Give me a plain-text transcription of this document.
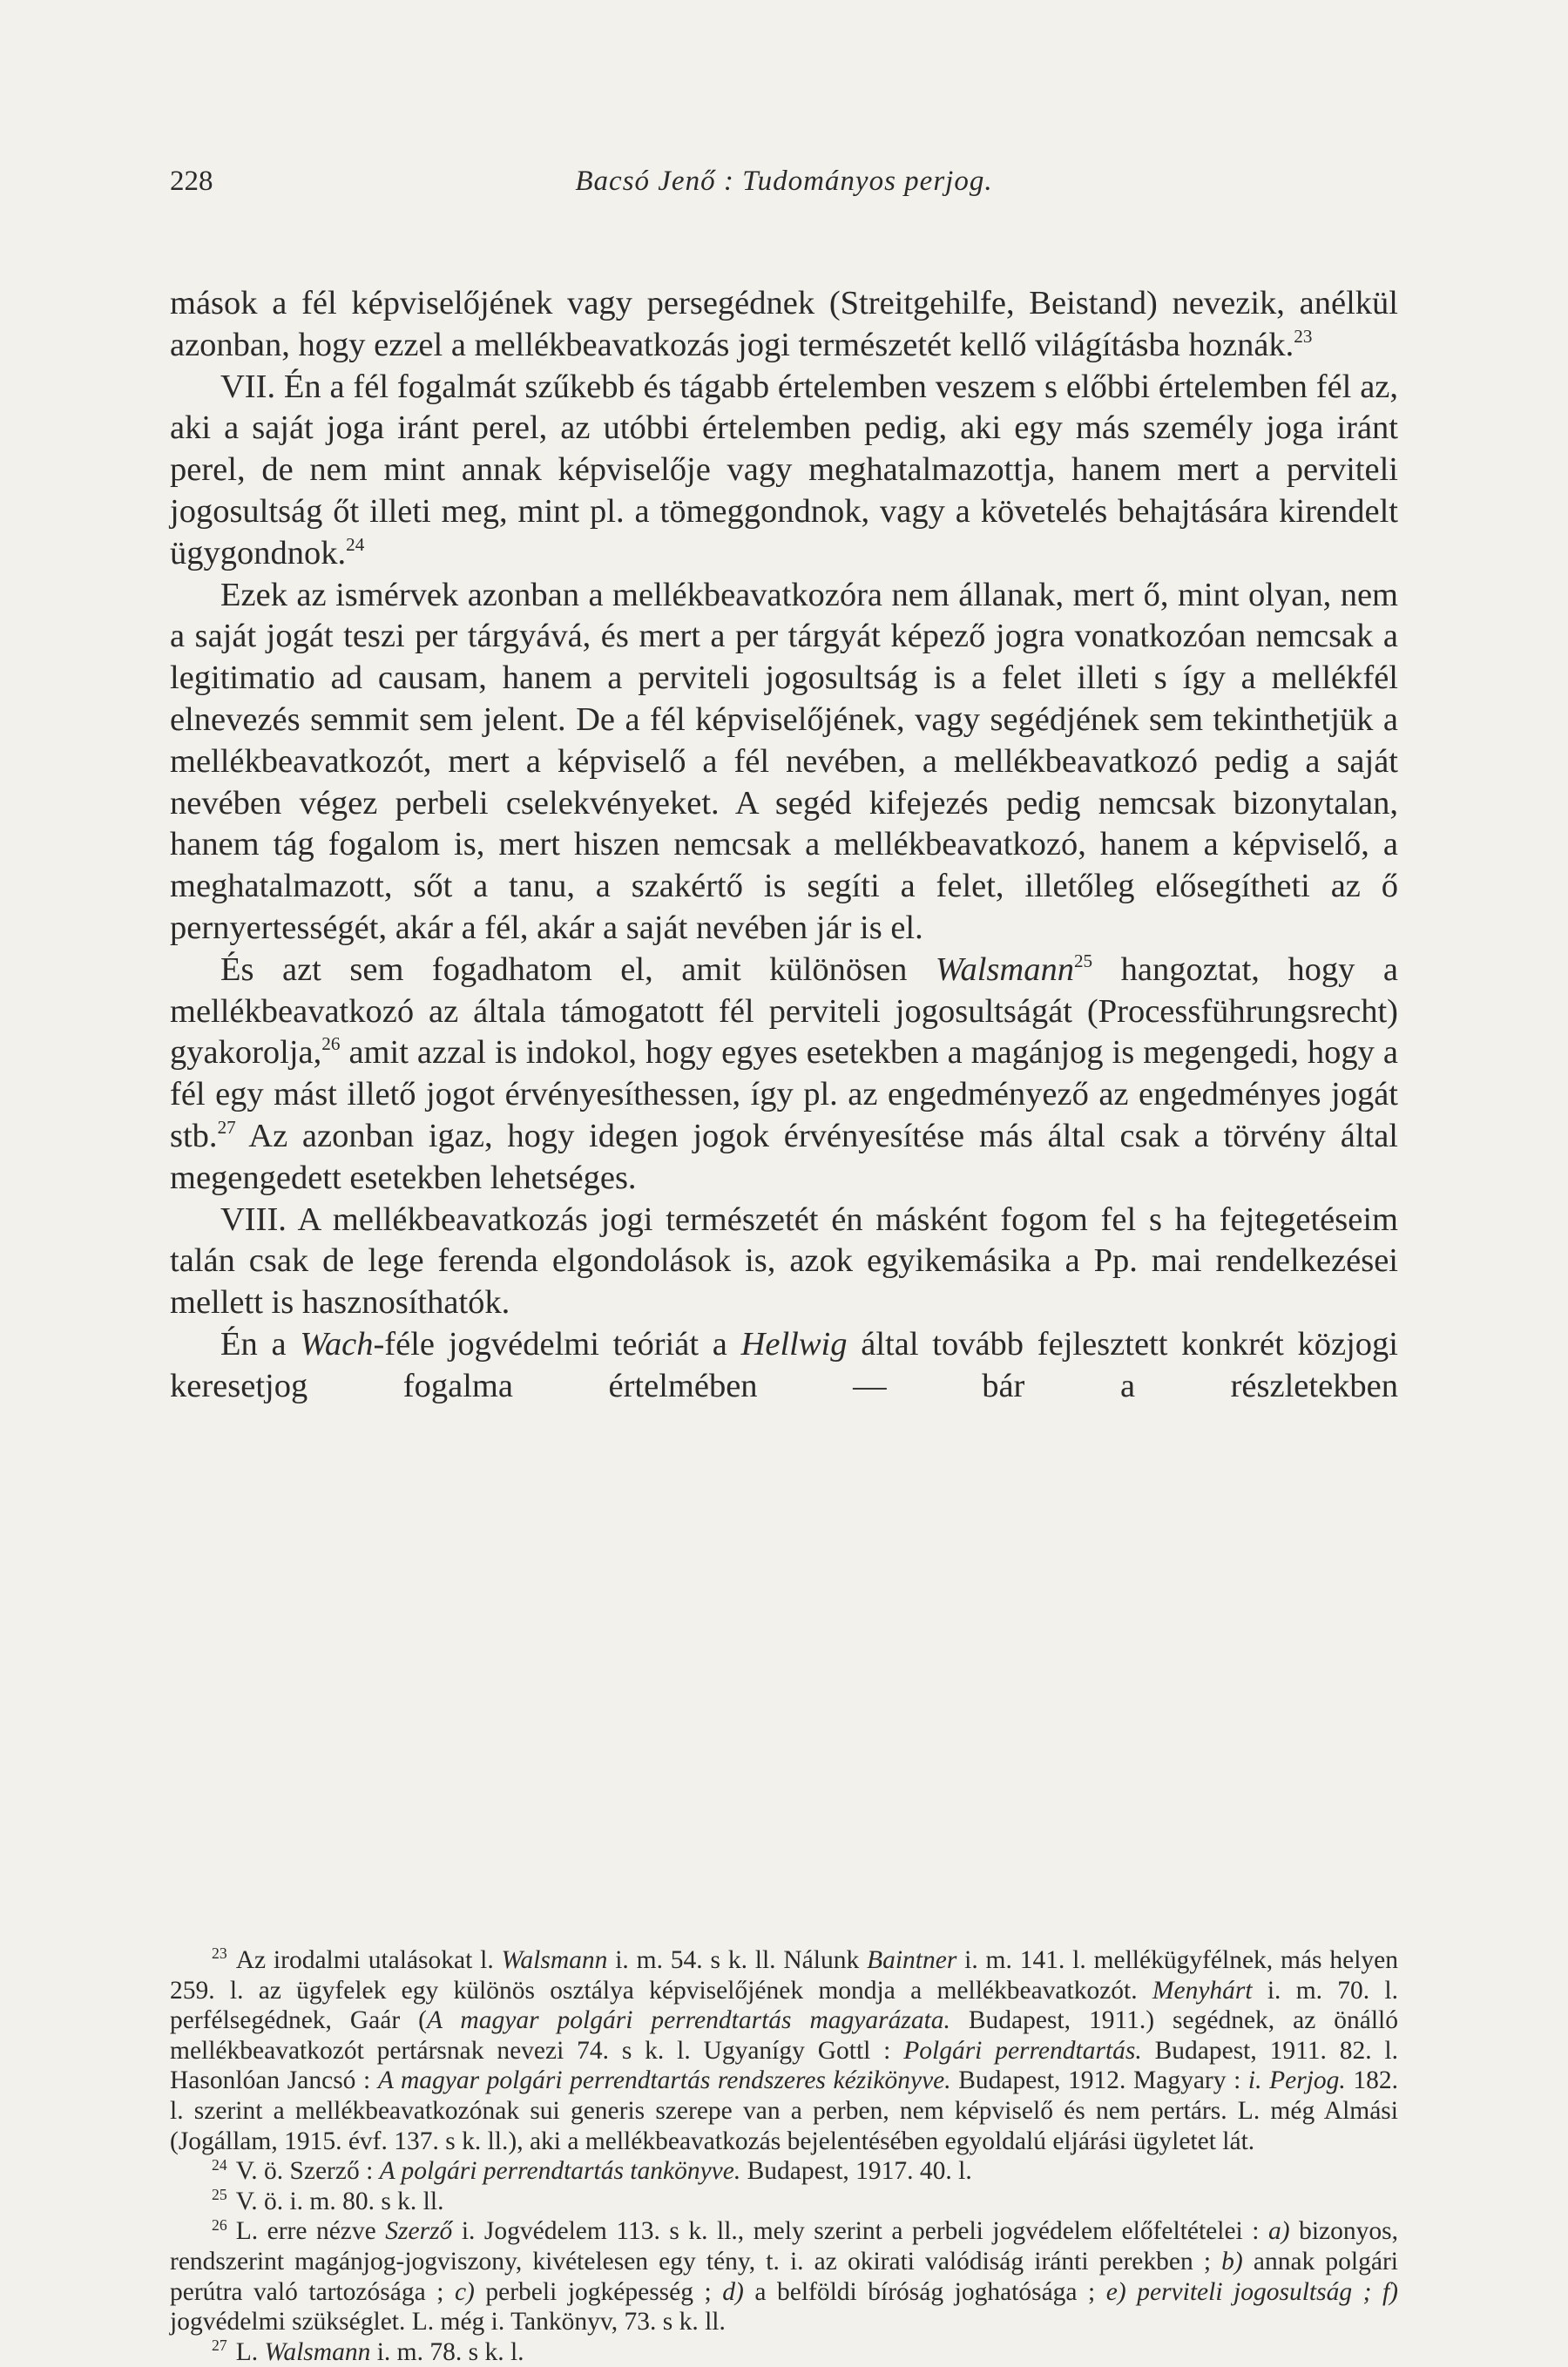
228	Bacsó Jenő : Tudományos perjog.

mások a fél képviselőjének vagy persegédnek (Streitgehilfe, Beistand) nevezik, anélkül azonban, hogy ezzel a mellékbeavatkozás jogi természetét kellő világításba hoznák.$^{23}$

VII. Én a fél fogalmát szűkebb és tágabb értelemben veszem s előbbi értelemben fél az, aki a saját joga iránt perel, az utóbbi értelemben pedig, aki egy más személy joga iránt perel, de nem mint annak képviselője vagy meghatalmazottja, hanem mert a perviteli jogosultság őt illeti meg, mint pl. a tömeggondnok, vagy a követelés behajtására kirendelt ügygondnok.$^{24}$

Ezek az ismérvek azonban a mellékbeavatkozóra nem állanak, mert ő, mint olyan, nem a saját jogát teszi per tárgyává, és mert a per tárgyát képező jogra vonatkozóan nemcsak a legitimatio ad causam, hanem a perviteli jogosultság is a felet illeti s így a mellékfél elnevezés semmit sem jelent. De a fél képviselőjének, vagy segédjének sem tekinthetjük a mellékbeavatkozót, mert a képviselő a fél nevében, a mellékbeavatkozó pedig a saját nevében végez perbeli cselekvényeket. A segéd kifejezés pedig nemcsak bizonytalan, hanem tág fogalom is, mert hiszen nemcsak a mellékbeavatkozó, hanem a képviselő, a meghatalmazott, sőt a tanu, a szakértő is segíti a felet, illetőleg elősegítheti az ő pernyertességét, akár a fél, akár a saját nevében jár is el.

És azt sem fogadhatom el, amit különösen Walsmann$^{25}$ hangoztat, hogy a mellékbeavatkozó az általa támogatott fél perviteli jogosultságát (Processführungsrecht) gyakorolja,$^{26}$ amit azzal is indokol, hogy egyes esetekben a magánjog is megengedi, hogy a fél egy mást illető jogot érvényesíthessen, így pl. az engedményező az engedményes jogát stb.$^{27}$ Az azonban igaz, hogy idegen jogok érvényesítése más által csak a törvény által megengedett esetekben lehetséges.

VIII. A mellékbeavatkozás jogi természetét én másként fogom fel s ha fejtegetéseim talán csak de lege ferenda elgondolások is, azok egyikemásika a Pp. mai rendelkezései mellett is hasznosíthatók.

Én a Wach-féle jogvédelmi teóriát a Hellwig által tovább fejlesztett konkrét közjogi keresetjog fogalma értelmében — bár a részletekben

$^{23}$ Az irodalmi utalásokat l. Walsmann i. m. 54. s k. ll. Nálunk Baintner i. m. 141. l. mellékügyfélnek, más helyen 259. l. az ügyfelek egy különös osztálya képviselőjének mondja a mellékbeavatkozót. Menyhárt i. m. 70. l. perfélsegédnek, Gaár (A magyar polgári perrendtartás magyarázata. Budapest, 1911.) segédnek, az önálló mellékbeavatkozót pertársnak nevezi 74. s k. l. Ugyanígy Gottl : Polgári perrendtartás. Budapest, 1911. 82. l. Hasonlóan Jancsó : A magyar polgári perrendtartás rendszeres kézikönyve. Budapest, 1912. Magyary : i. Perjog. 182. l. szerint a mellékbeavatkozónak sui generis szerepe van a perben, nem képviselő és nem pertárs. L. még Almási (Jogállam, 1915. évf. 137. s k. ll.), aki a mellékbeavatkozás bejelentésében egyoldalú eljárási ügyletet lát.

$^{24}$ V. ö. Szerző : A polgári perrendtartás tankönyve. Budapest, 1917. 40. l.

$^{25}$ V. ö. i. m. 80. s k. ll.

$^{26}$ L. erre nézve Szerző i. Jogvédelem 113. s k. ll., mely szerint a perbeli jogvédelem előfeltételei : a) bizonyos, rendszerint magánjog-jogviszony, kivételesen egy tény, t. i. az okirati valódiság iránti perekben ; b) annak polgári perútra való tartozósága ; c) perbeli jogképesség ; d) a belföldi bíróság joghatósága ; e) perviteli jogosultság ; f) jogvédelmi szükséglet. L. még i. Tankönyv, 73. s k. ll.

$^{27}$ L. Walsmann i. m. 78. s k. l.
